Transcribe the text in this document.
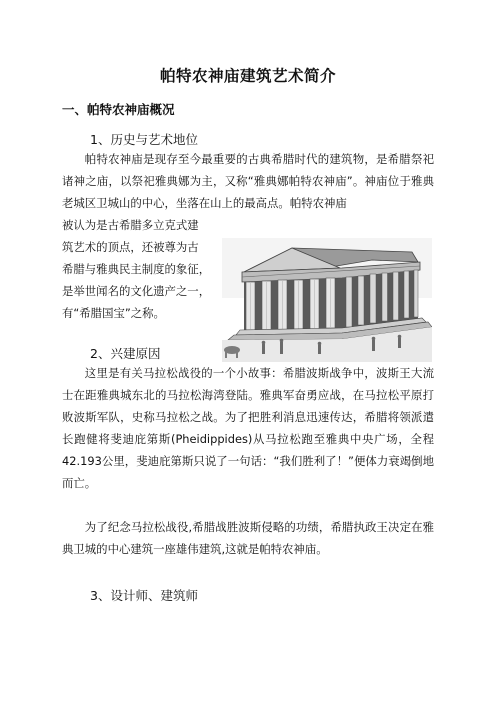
帕特农神庙建筑艺术简介
一、帕特农神庙概况
1、历史与艺术地位
帕特农神庙是现存至今最重要的古典希腊时代的建筑物，是希腊祭祀诸神之庙，以祭祀雅典娜为主，又称“雅典娜帕特农神庙”。神庙位于雅典老城区卫城山的中心，坐落在山上的最高点。帕特农神庙
被认为是古希腊多立克式建
筑艺术的顶点，还被尊为古
希腊与雅典民主制度的象征，
是举世闻名的文化遗产之一，
有“希腊国宝”之称。
2、兴建原因
这里是有关马拉松战役的一个小故事：希腊波斯战争中，波斯王大流士在距雅典城东北的马拉松海湾登陆。雅典军奋勇应战，在马拉松平原打败波斯军队，史称马拉松之战。为了把胜利消息迅速传达，希腊将领派遣长跑健将斐迪庇第斯(Pheidippides)从马拉松跑至雅典中央广场，全程42.193公里，斐迪庇第斯只说了一句话：“我们胜利了！”便体力衰竭倒地而亡。
为了纪念马拉松战役,希腊战胜波斯侵略的功绩，希腊执政王决定在雅典卫城的中心建筑一座雄伟建筑,这就是帕特农神庙。
3、设计师、建筑师
